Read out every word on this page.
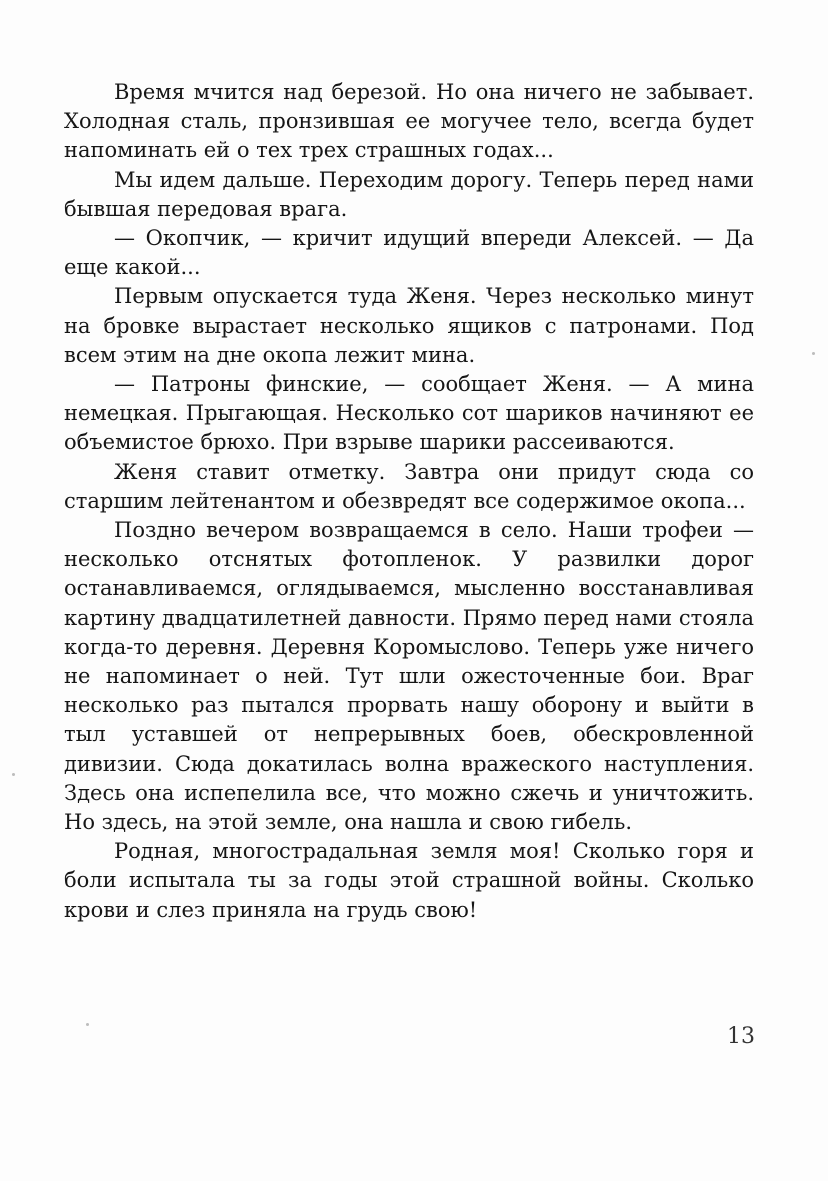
Время мчится над березой. Но она ничего не забывает. Холодная сталь, пронзившая ее могучее тело, всегда будет напоминать ей о тех трех страшных годах...

Мы идем дальше. Переходим дорогу. Теперь перед нами бывшая передовая врага.

— Окопчик, — кричит идущий впереди Алексей. — Да еще какой...

Первым опускается туда Женя. Через несколько минут на бровке вырастает несколько ящиков с патронами. Под всем этим на дне окопа лежит мина.

— Патроны финские, — сообщает Женя. — А мина немецкая. Прыгающая. Несколько сот шариков начиняют ее объемистое брюхо. При взрыве шарики рассеиваются.

Женя ставит отметку. Завтра они придут сюда со старшим лейтенантом и обезвредят все содержимое окопа...

Поздно вечером возвращаемся в село. Наши трофеи — несколько отснятых фотопленок. У развилки дорог останавливаемся, оглядываемся, мысленно восстанавливая картину двадцатилетней давности. Прямо перед нами стояла когда-то деревня. Деревня Коромыслово. Теперь уже ничего не напоминает о ней. Тут шли ожесточенные бои. Враг несколько раз пытался прорвать нашу оборону и выйти в тыл уставшей от непрерывных боев, обескровленной дивизии. Сюда докатилась волна вражеского наступления. Здесь она испепелила все, что можно сжечь и уничтожить. Но здесь, на этой земле, она нашла и свою гибель.

Родная, многострадальная земля моя! Сколько горя и боли испытала ты за годы этой страшной войны. Сколько крови и слез приняла на грудь свою!

13
